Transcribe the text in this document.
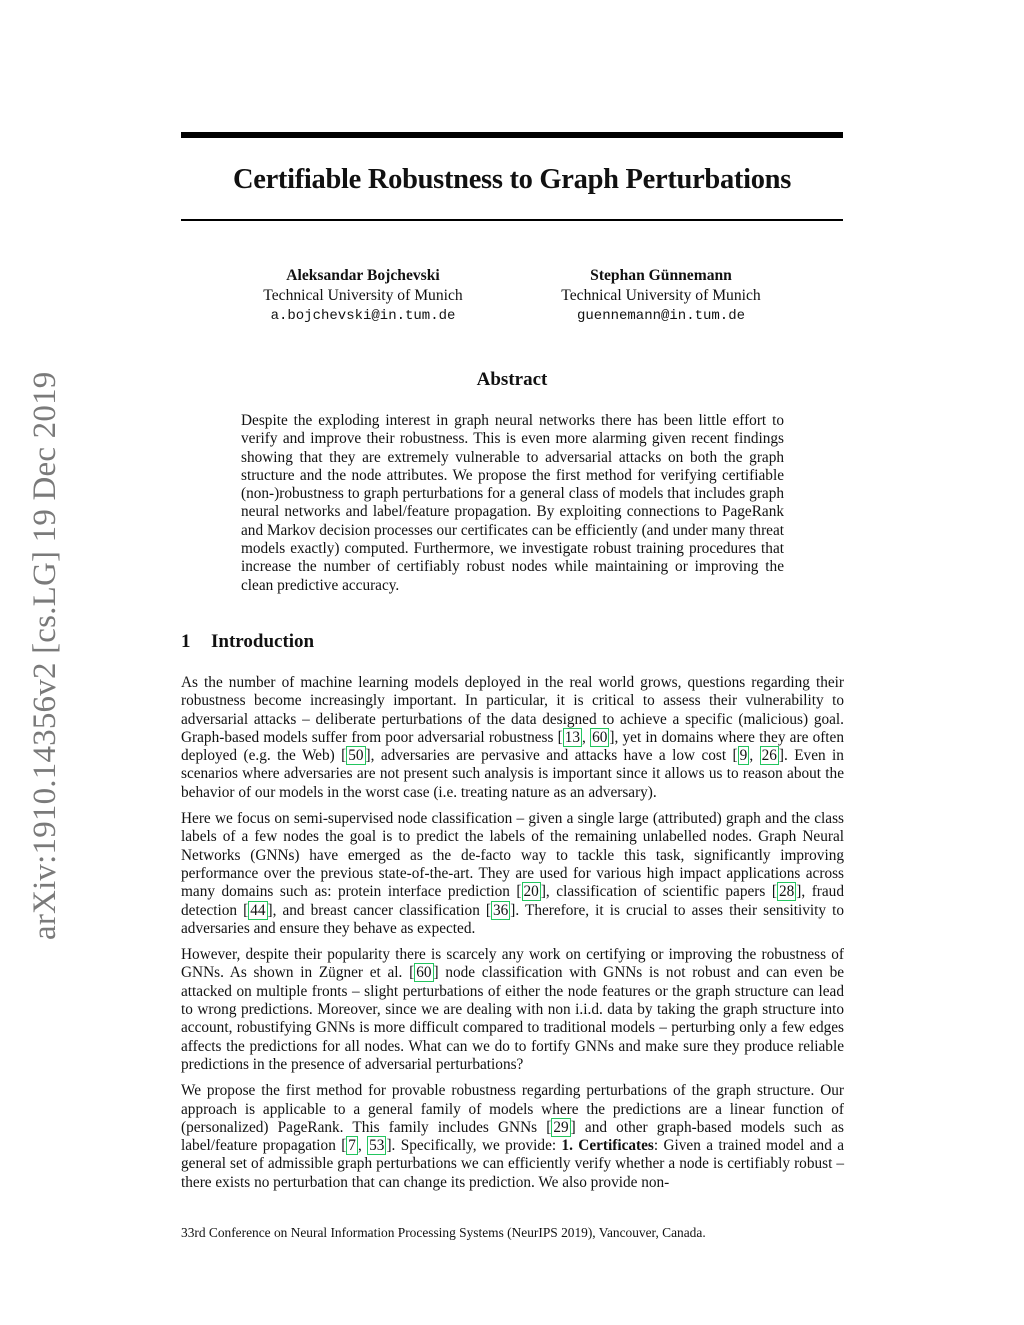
arXiv:1910.14356v2 [cs.LG] 19 Dec 2019
Certifiable Robustness to Graph Perturbations
Aleksandar Bojchevski
Technical University of Munich
a.bojchevski@in.tum.de
Stephan Günnemann
Technical University of Munich
guennemann@in.tum.de
Abstract
Despite the exploding interest in graph neural networks there has been little effort to verify and improve their robustness. This is even more alarming given recent findings showing that they are extremely vulnerable to adversarial attacks on both the graph structure and the node attributes. We propose the first method for verifying certifiable (non-)robustness to graph perturbations for a general class of models that includes graph neural networks and label/feature propagation. By exploiting connections to PageRank and Markov decision processes our certificates can be efficiently (and under many threat models exactly) computed. Furthermore, we investigate robust training procedures that increase the number of certifiably robust nodes while maintaining or improving the clean predictive accuracy.
1 Introduction

As the number of machine learning models deployed in the real world grows, questions regarding their robustness become increasingly important. In particular, it is critical to assess their vulnerability to adversarial attacks – deliberate perturbations of the data designed to achieve a specific (malicious) goal. Graph-based models suffer from poor adversarial robustness [ 13 , 60 ], yet in domains where they are often deployed (e.g. the Web) [ 50 ], adversaries are pervasive and attacks have a low cost [ 9 , 26 ]. Even in scenarios where adversaries are not present such analysis is important since it allows us to reason about the behavior of our models in the worst case (i.e. treating nature as an adversary).

Here we focus on semi-supervised node classification – given a single large (attributed) graph and the class labels of a few nodes the goal is to predict the labels of the remaining unlabelled nodes. Graph Neural Networks (GNNs) have emerged as the de-facto way to tackle this task, significantly improving performance over the previous state-of-the-art. They are used for various high impact applications across many domains such as: protein interface prediction [ 20 ], classification of scientific papers [ 28 ], fraud detection [ 44 ], and breast cancer classification [ 36 ]. Therefore, it is crucial to asses their sensitivity to adversaries and ensure they behave as expected.

However, despite their popularity there is scarcely any work on certifying or improving the robustness of GNNs. As shown in Zügner et al. [ 60 ] node classification with GNNs is not robust and can even be attacked on multiple fronts – slight perturbations of either the node features or the graph structure can lead to wrong predictions. Moreover, since we are dealing with non i.i.d. data by taking the graph structure into account, robustifying GNNs is more difficult compared to traditional models – perturbing only a few edges affects the predictions for all nodes. What can we do to fortify GNNs and make sure they produce reliable predictions in the presence of adversarial perturbations?

We propose the first method for provable robustness regarding perturbations of the graph structure. Our approach is applicable to a general family of models where the predictions are a linear function of (personalized) PageRank. This family includes GNNs [ 29 ] and other graph-based models such as label/feature propagation [ 7 , 53 ]. Specifically, we provide: 1. Certificates: Given a trained model and a general set of admissible graph perturbations we can efficiently verify whether a node is certifiably robust – there exists no perturbation that can change its prediction. We also provide non-

33rd Conference on Neural Information Processing Systems (NeurIPS 2019), Vancouver, Canada.
